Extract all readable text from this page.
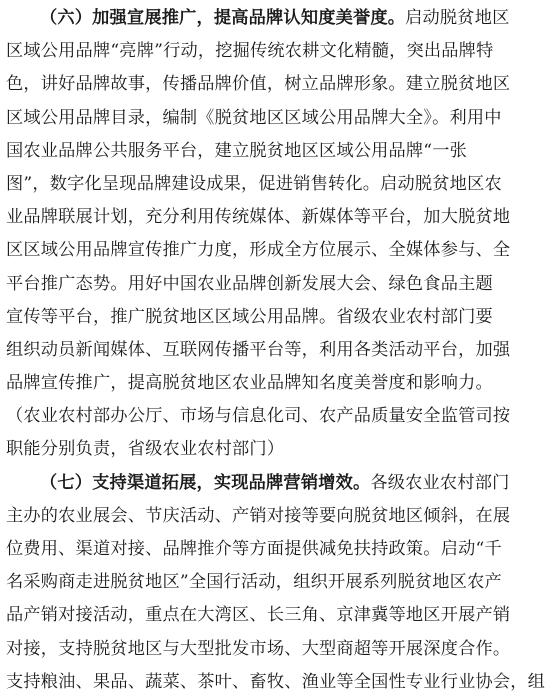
（六）加强宣展推广，提高品牌认知度美誉度。启动脱贫地区
区域公用品牌“亮牌”行动，挖掘传统农耕文化精髓，突出品牌特
色，讲好品牌故事，传播品牌价值，树立品牌形象。建立脱贫地区
区域公用品牌目录，编制《脱贫地区区域公用品牌大全》。利用中
国农业品牌公共服务平台，建立脱贫地区区域公用品牌“一张
图”，数字化呈现品牌建设成果，促进销售转化。启动脱贫地区农
业品牌联展计划，充分利用传统媒体、新媒体等平台，加大脱贫地
区区域公用品牌宣传推广力度，形成全方位展示、全媒体参与、全
平台推广态势。用好中国农业品牌创新发展大会、绿色食品主题
宣传等平台，推广脱贫地区区域公用品牌。省级农业农村部门要
组织动员新闻媒体、互联网传播平台等，利用各类活动平台，加强
品牌宣传推广，提高脱贫地区农业品牌知名度美誉度和影响力。
（农业农村部办公厅、市场与信息化司、农产品质量安全监管司按
职能分别负责，省级农业农村部门）
（七）支持渠道拓展，实现品牌营销增效。各级农业农村部门
主办的农业展会、节庆活动、产销对接等要向脱贫地区倾斜，在展
位费用、渠道对接、品牌推介等方面提供减免扶持政策。启动“千
名采购商走进脱贫地区”全国行活动，组织开展系列脱贫地区农产
品产销对接活动，重点在大湾区、长三角、京津冀等地区开展产销
对接，支持脱贫地区与大型批发市场、大型商超等开展深度合作。
支持粮油、果品、蔬菜、茶叶、畜牧、渔业等全国性专业行业协会，组
